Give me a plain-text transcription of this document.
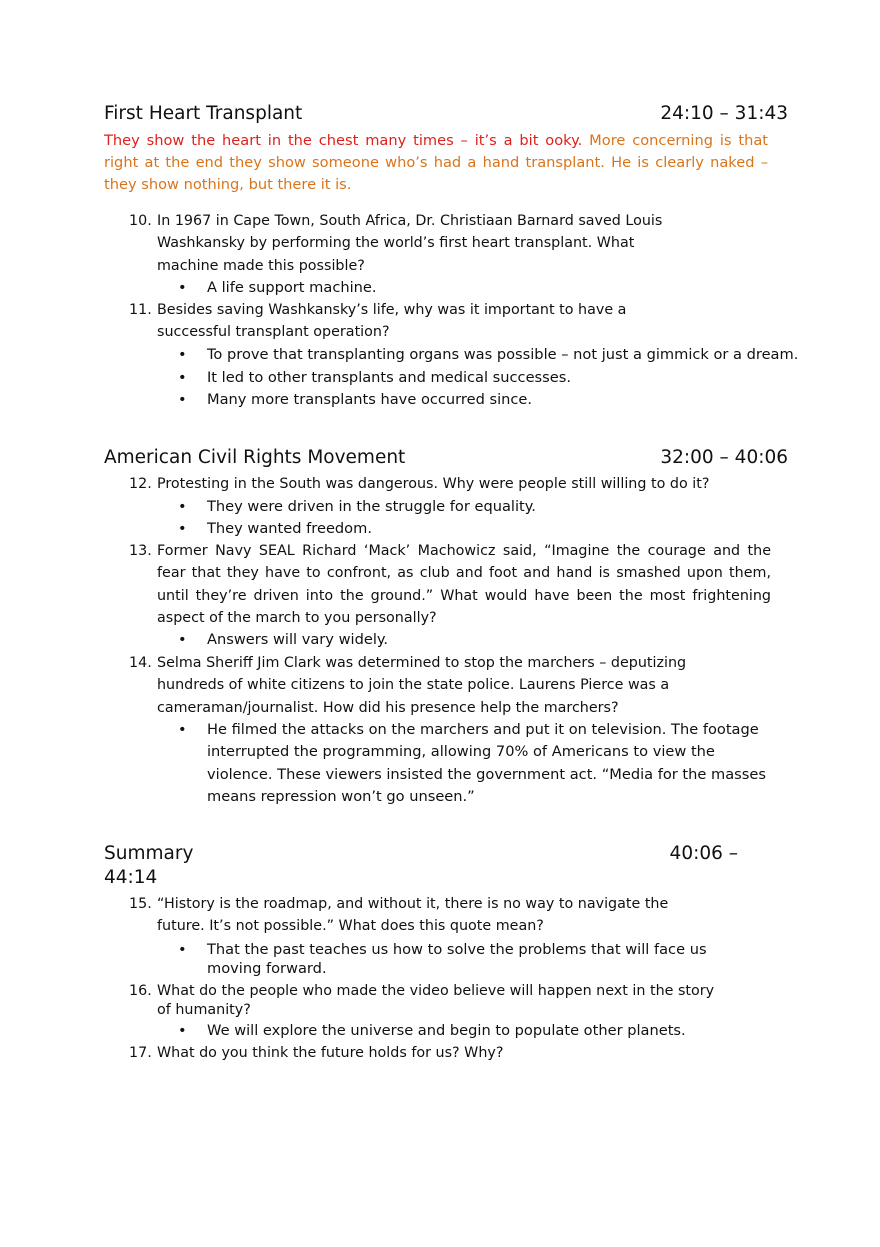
First Heart Transplant	24:10 – 31:43
They show the heart in the chest many times – it’s a bit ooky. More concerning is that right at the end they show someone who’s had a hand transplant. He is clearly naked – they show nothing, but there it is.
10. In 1967 in Cape Town, South Africa, Dr. Christiaan Barnard saved Louis Washkansky by performing the world’s first heart transplant. What machine made this possible?
• A life support machine.
11. Besides saving Washkansky’s life, why was it important to have a successful transplant operation?
• To prove that transplanting organs was possible – not just a gimmick or a dream.
• It led to other transplants and medical successes.
• Many more transplants have occurred since.
American Civil Rights Movement	32:00 – 40:06
12. Protesting in the South was dangerous. Why were people still willing to do it?
• They were driven in the struggle for equality.
• They wanted freedom.
13. Former Navy SEAL Richard ‘Mack’ Machowicz said, “Imagine the courage and the fear that they have to confront, as club and foot and hand is smashed upon them, until they’re driven into the ground.” What would have been the most frightening aspect of the march to you personally?
• Answers will vary widely.
14. Selma Sheriff Jim Clark was determined to stop the marchers – deputizing hundreds of white citizens to join the state police. Laurens Pierce was a cameraman/journalist. How did his presence help the marchers?
• He filmed the attacks on the marchers and put it on television. The footage interrupted the programming, allowing 70% of Americans to view the violence. These viewers insisted the government act. “Media for the masses means repression won’t go unseen.”
Summary	40:06 –
44:14
15. “History is the roadmap, and without it, there is no way to navigate the future. It’s not possible.” What does this quote mean?
• That the past teaches us how to solve the problems that will face us moving forward.
16. What do the people who made the video believe will happen next in the story of humanity?
• We will explore the universe and begin to populate other planets.
17. What do you think the future holds for us? Why?
